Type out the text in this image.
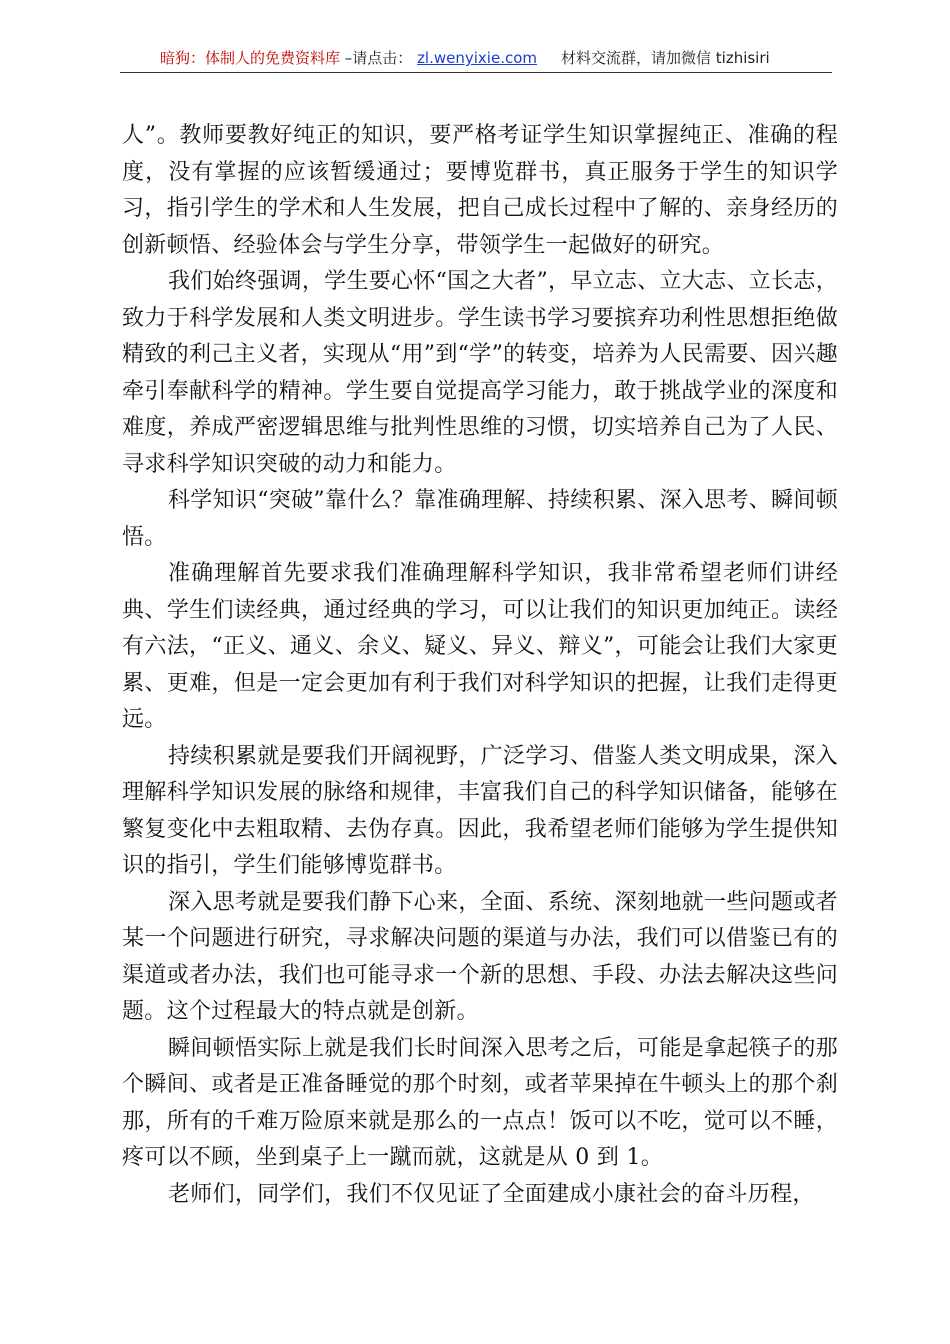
暗狗：体制人的免费资料库 –请点击： zl.wenyixie.com 材料交流群，请加微信 tizhisiri

人”。教师要教好纯正的知识，要严格考证学生知识掌握纯正、准确的程度，没有掌握的应该暂缓通过；要博览群书，真正服务于学生的知识学习，指引学生的学术和人生发展，把自己成长过程中了解的、亲身经历的创新顿悟、经验体会与学生分享，带领学生一起做好的研究。

我们始终强调，学生要心怀“国之大者”，早立志、立大志、立长志，致力于科学发展和人类文明进步。学生读书学习要摈弃功利性思想拒绝做精致的利己主义者，实现从“用”到“学”的转变，培养为人民需要、因兴趣牵引奉献科学的精神。学生要自觉提高学习能力，敢于挑战学业的深度和难度，养成严密逻辑思维与批判性思维的习惯，切实培养自己为了人民、寻求科学知识突破的动力和能力。

科学知识“突破”靠什么？靠准确理解、持续积累、深入思考、瞬间顿悟。

准确理解首先要求我们准确理解科学知识，我非常希望老师们讲经典、学生们读经典，通过经典的学习，可以让我们的知识更加纯正。读经有六法，“正义、通义、余义、疑义、异义、辩义”，可能会让我们大家更累、更难，但是一定会更加有利于我们对科学知识的把握，让我们走得更远。

持续积累就是要我们开阔视野，广泛学习、借鉴人类文明成果，深入理解科学知识发展的脉络和规律，丰富我们自己的科学知识储备，能够在繁复变化中去粗取精、去伪存真。因此，我希望老师们能够为学生提供知识的指引，学生们能够博览群书。

深入思考就是要我们静下心来，全面、系统、深刻地就一些问题或者某一个问题进行研究，寻求解决问题的渠道与办法，我们可以借鉴已有的渠道或者办法，我们也可能寻求一个新的思想、手段、办法去解决这些问题。这个过程最大的特点就是创新。

瞬间顿悟实际上就是我们长时间深入思考之后，可能是拿起筷子的那个瞬间、或者是正准备睡觉的那个时刻，或者苹果掉在牛顿头上的那个刹那，所有的千难万险原来就是那么的一点点！饭可以不吃，觉可以不睡，疼可以不顾，坐到桌子上一蹴而就，这就是从 0 到 1。

老师们，同学们，我们不仅见证了全面建成小康社会的奋斗历程，
